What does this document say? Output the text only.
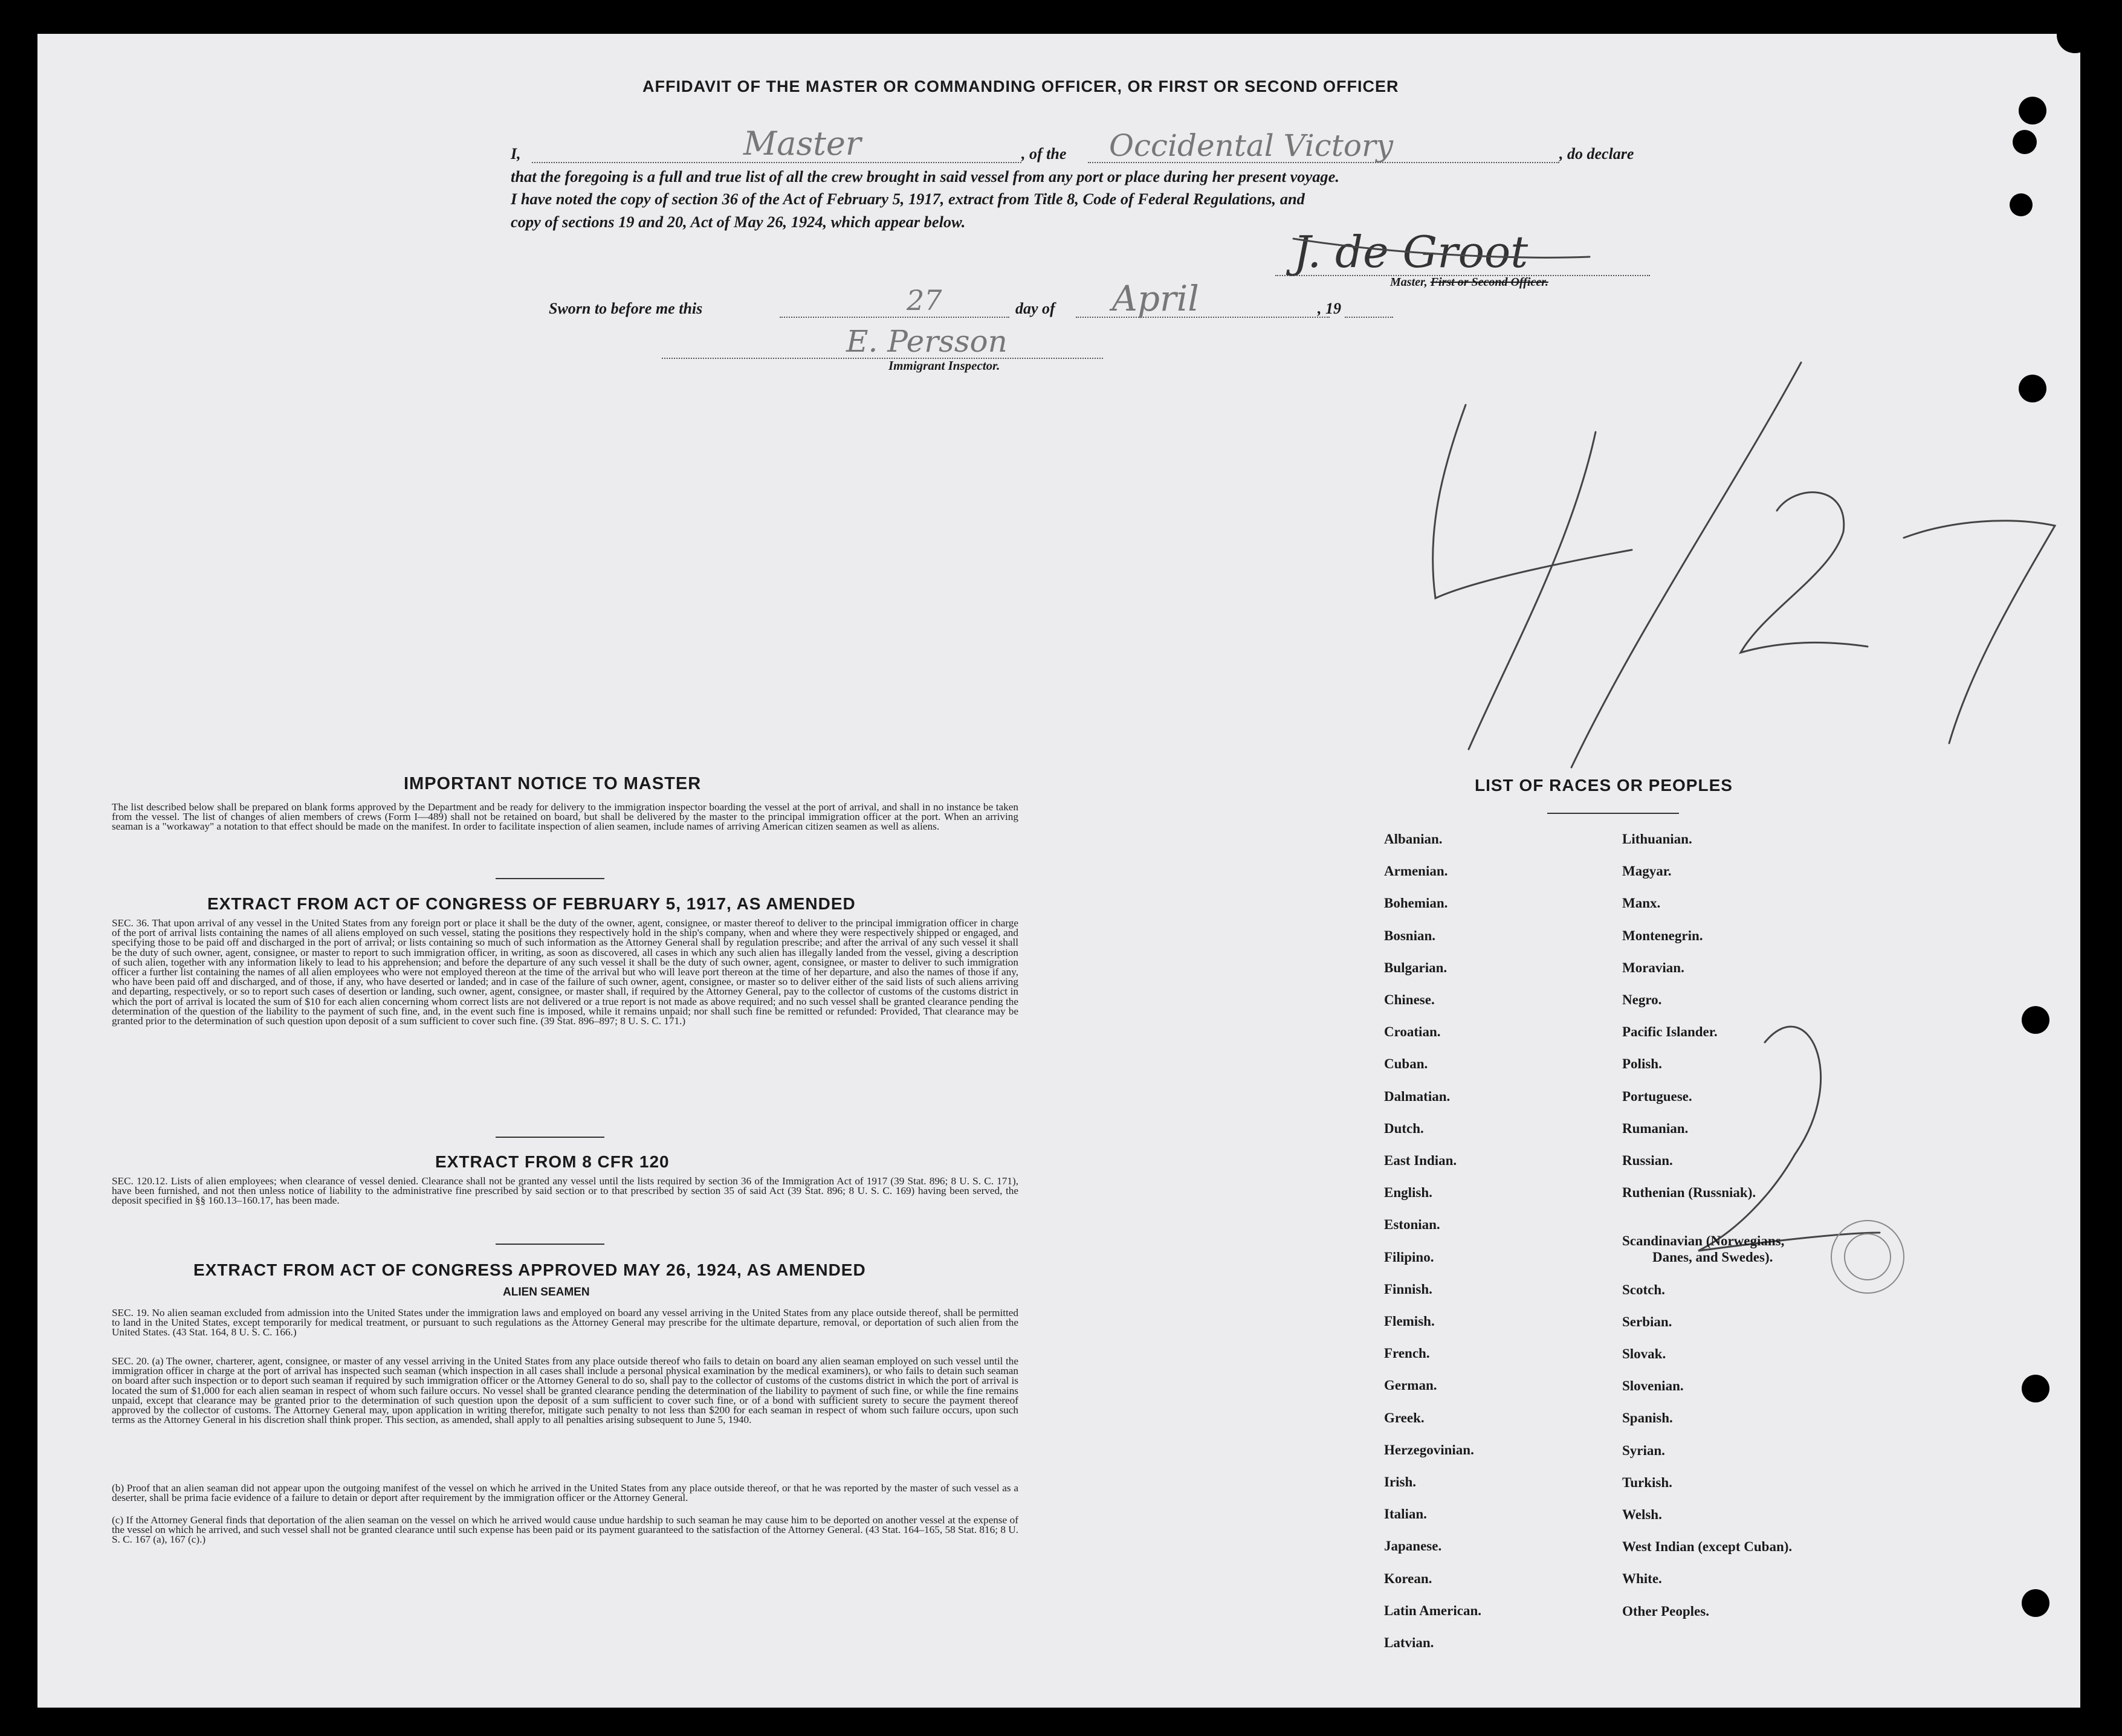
AFFIDAVIT OF THE MASTER OR COMMANDING OFFICER, OR FIRST OR SECOND OFFICER
I,	Master	, of the Occidental Victory	, do declare
that the foregoing is a full and true list of all the crew brought in said vessel from any port or place during her present voyage.
I have noted the copy of section 36 of the Act of February 5, 1917, extract from Title 8, Code of Federal Regulations, and
copy of sections 19 and 20, Act of May 26, 1924, which appear below.
J. de Groot
Master, First or Second Officer.
Sworn to before me this	27	day of April	, 19
E. Persson
Immigrant Inspector.
IMPORTANT NOTICE TO MASTER
The list described below shall be prepared on blank forms approved by the Department and be ready for delivery to the immigration inspector boarding the vessel at the port of arrival, and shall in no instance be taken from the vessel. The list of changes of alien members of crews (Form I—489) shall not be retained on board, but shall be delivered by the master to the principal immigration officer at the port. When an arriving seaman is a "workaway" a notation to that effect should be made on the manifest. In order to facilitate inspection of alien seamen, include names of arriving American citizen seamen as well as aliens.
EXTRACT FROM ACT OF CONGRESS OF FEBRUARY 5, 1917, AS AMENDED
SEC. 36. That upon arrival of any vessel in the United States from any foreign port or place it shall be the duty of the owner, agent, consignee, or master thereof to deliver to the principal immigration officer in charge of the port of arrival lists containing the names of all aliens employed on such vessel, stating the positions they respectively hold in the ship's company, when and where they were respectively shipped or engaged, and specifying those to be paid off and discharged in the port of arrival; or lists containing so much of such information as the Attorney General shall by regulation prescribe; and after the arrival of any such vessel it shall be the duty of such owner, agent, consignee, or master to report to such immigration officer, in writing, as soon as discovered, all cases in which any such alien has illegally landed from the vessel, giving a description of such alien, together with any information likely to lead to his apprehension; and before the departure of any such vessel it shall be the duty of such owner, agent, consignee, or master to deliver to such immigration officer a further list containing the names of all alien employees who were not employed thereon at the time of the arrival but who will leave port thereon at the time of her departure, and also the names of those if any, who have been paid off and discharged, and of those, if any, who have deserted or landed; and in case of the failure of such owner, agent, consignee, or master so to deliver either of the said lists of such aliens arriving and departing, respectively, or so to report such cases of desertion or landing, such owner, agent, consignee, or master shall, if required by the Attorney General, pay to the collector of customs of the customs district in which the port of arrival is located the sum of $10 for each alien concerning whom correct lists are not delivered or a true report is not made as above required; and no such vessel shall be granted clearance pending the determination of the question of the liability to the payment of such fine, and, in the event such fine is imposed, while it remains unpaid; nor shall such fine be remitted or refunded: Provided, That clearance may be granted prior to the determination of such question upon deposit of a sum sufficient to cover such fine. (39 Stat. 896–897; 8 U. S. C. 171.)
EXTRACT FROM 8 CFR 120
SEC. 120.12. Lists of alien employees; when clearance of vessel denied. Clearance shall not be granted any vessel until the lists required by section 36 of the Immigration Act of 1917 (39 Stat. 896; 8 U. S. C. 171), have been furnished, and not then unless notice of liability to the administrative fine prescribed by said section or to that prescribed by section 35 of said Act (39 Stat. 896; 8 U. S. C. 169) having been served, the deposit specified in §§ 160.13–160.17, has been made.
EXTRACT FROM ACT OF CONGRESS APPROVED MAY 26, 1924, AS AMENDED
ALIEN SEAMEN
SEC. 19. No alien seaman excluded from admission into the United States under the immigration laws and employed on board any vessel arriving in the United States from any place outside thereof, shall be permitted to land in the United States, except temporarily for medical treatment, or pursuant to such regulations as the Attorney General may prescribe for the ultimate departure, removal, or deportation of such alien from the United States. (43 Stat. 164, 8 U. S. C. 166.)
SEC. 20. (a) The owner, charterer, agent, consignee, or master of any vessel arriving in the United States from any place outside thereof who fails to detain on board any alien seaman employed on such vessel until the immigration officer in charge at the port of arrival has inspected such seaman (which inspection in all cases shall include a personal physical examination by the medical examiners), or who fails to detain such seaman on board after such inspection or to deport such seaman if required by such immigration officer or the Attorney General to do so, shall pay to the collector of customs of the customs district in which the port of arrival is located the sum of $1,000 for each alien seaman in respect of whom such failure occurs. No vessel shall be granted clearance pending the determination of the liability to payment of such fine, or while the fine remains unpaid, except that clearance may be granted prior to the determination of such question upon the deposit of a sum sufficient to cover such fine, or of a bond with sufficient surety to secure the payment thereof approved by the collector of customs. The Attorney General may, upon application in writing therefor, mitigate such penalty to not less than $200 for each seaman in respect of whom such failure occurs, upon such terms as the Attorney General in his discretion shall think proper. This section, as amended, shall apply to all penalties arising subsequent to June 5, 1940.
(b) Proof that an alien seaman did not appear upon the outgoing manifest of the vessel on which he arrived in the United States from any place outside thereof, or that he was reported by the master of such vessel as a deserter, shall be prima facie evidence of a failure to detain or deport after requirement by the immigration officer or the Attorney General.
(c) If the Attorney General finds that deportation of the alien seaman on the vessel on which he arrived would cause undue hardship to such seaman he may cause him to be deported on another vessel at the expense of the vessel on which he arrived, and such vessel shall not be granted clearance until such expense has been paid or its payment guaranteed to the satisfaction of the Attorney General. (43 Stat. 164–165, 58 Stat. 816; 8 U. S. C. 167 (a), 167 (c).)
LIST OF RACES OR PEOPLES
Albanian.
Armenian.
Bohemian.
Bosnian.
Bulgarian.
Chinese.
Croatian.
Cuban.
Dalmatian.
Dutch.
East Indian.
English.
Estonian.
Filipino.
Finnish.
Flemish.
French.
German.
Greek.
Herzegovinian.
Irish.
Italian.
Japanese.
Korean.
Latin American.
Latvian.
Lithuanian.
Magyar.
Manx.
Montenegrin.
Moravian.
Negro.
Pacific Islander.
Polish.
Portuguese.
Rumanian.
Russian.
Ruthenian (Russniak).
Scandinavian (Norwegians,
Danes, and Swedes).
Scotch.
Serbian.
Slovak.
Slovenian.
Spanish.
Syrian.
Turkish.
Welsh.
West Indian (except Cuban).
White.
Other Peoples.
